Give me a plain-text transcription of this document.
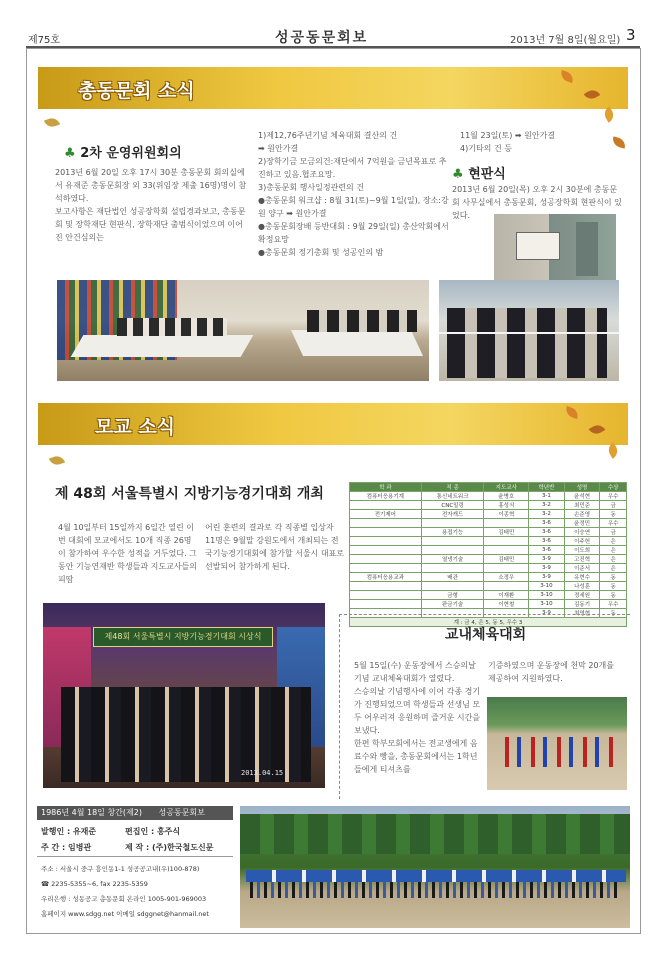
제75호	성공동문회보	2013년 7월 8일(월요일) 3
총동문회 소식
♣ 2차 운영위원회의
2013년 6월 20일 오후 17시 30분 총동문회 회의실에서 유재준 총동문회장 외 33(위임장 제출 16명)명이 참석하였다.
보고사항은 재단법인 성공장학회 설립경과보고, 총동문회 및 장학재단 현판식, 장학재단 출범식이었으며 이어진 안건심의는
1)제12,76주년기념 체육대회 결산의 건
➡ 원안가결
2)장학기금 모금의건:재단에서 7억원을 금년목표로 추진하고 있음.협조요망.
3)총동문회 행사일정관련의 건
●총동문회 워크샵 : 8월 31(토)~9월 1일(일), 장소:강원 양구 ➡ 원안가결
●총동문회장배 등반대회 : 9월 29일(일) 총산악회에서 확정요망
●총동문회 정기총회 및 성공인의 밤
11월 23일(토) ➡ 원안가결
4)기타의 건 등
♣ 현판식
2013년 6월 20일(목) 오후 2시 30분에 총동문회 사무실에서 총동문회, 성공장학회 현판식이 있었다.
모교 소식
제 48회 서울특별시 지방기능경기대회 개최
4월 10일부터 15일까지 6일간 열린 이번 대회에 모교에서도 10개 직종 26명이 참가하여 우수한 성적을 거두었다. 그 동안 기능연재반 학생들과 지도교사들의 피땀
어린 훈련의 결과로 각 직종별 입상자 11명은 9월말 강원도에서 개최되는 전국기능경기대회에 참가할 서울시 대표로 선발되어 참가하게 된다.
학 과	직 종	지도교사	학년반	성명	수상
컴퓨터응용기계	통신네트워크	윤병호	3-1	윤석현	우수
	CNC밀링	홍성식	3-2	최민준	금
전기제어	전자캐드	이종혁	3-2	손준영	동
			3-6	윤정민	우수
	용접기능	김태민	3-6	이승연	금
			3-6	이주헌	은
			3-6	이도희	은
	열냉기술	김태민	3-9	고진혁	은
			3-9	이준서	은
컴퓨터응용교과	배관	소정우	3-9	유현수	동
			3-10	나성훈	동
	금형	이재환	3-10	정세원	동
	판금기술	이현철	3-10	김동기	우수
			3-9	최영현	동
계 : 금 4, 은 5, 동 5, 우수 3					
제48회 서울특별시 지방기능경기대회 시상식
2013.04.15
교내체육대회
5월 15일(수) 운동장에서 스승의날 기념 교내체육대회가 열렸다.
스승의날 기념행사에 이어 각종 경기가 진행되었으며 학생들과 선생님 모두 어우러져 응원하며 즐거운 시간을 보냈다.
한편 학부모회에서는 전교생에게 음료수와 빵을, 총동문회에서는 1학년들에게 티셔츠를
기증하였으며 운동장에 천막 20개를 제공하여 지원하였다.
1986년 4월 18일 창간(제2) 성공동문회보
발행인 : 유재준	편집인 : 홍주식
주 간 : 임병관	제 작 : (주)한국철도신문
주소 : 서울시 중구 흥인동1-1 성공공고내(우)100-878)
☎ 2235-5355~6, fax 2235-5359
우리은행 : 성동공고 총동문회 온라인 1005-901-969003
홈페이지 www.sdgg.net 이메일 sdggnet@hanmail.net
